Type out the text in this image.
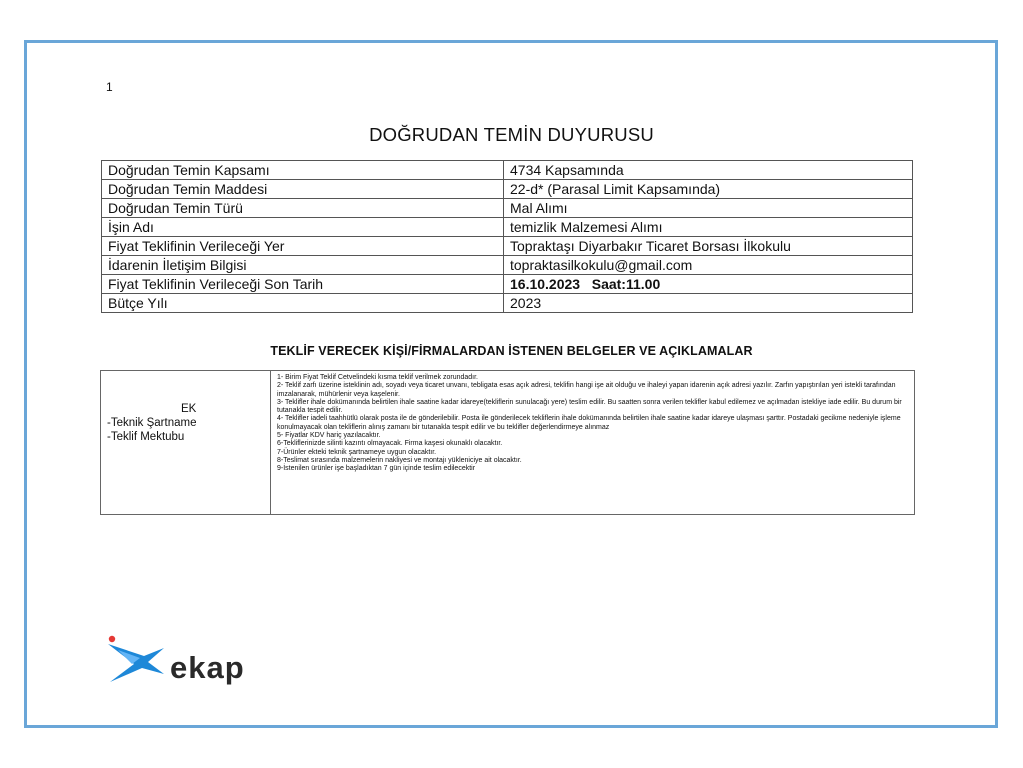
1
DOĞRUDAN TEMİN DUYURUSU
Doğrudan Temin Kapsamı	4734 Kapsamında
Doğrudan Temin Maddesi	22-d* (Parasal Limit Kapsamında)
Doğrudan Temin Türü	Mal Alımı
İşin Adı	temizlik Malzemesi Alımı
Fiyat Teklifinin Verileceği Yer	Topraktaşı Diyarbakır Ticaret Borsası İlkokulu
İdarenin İletişim Bilgisi	topraktasilkokulu@gmail.com
Fiyat Teklifinin Verileceği Son Tarih	16.10.2023   Saat:11.00
Bütçe Yılı	2023
TEKLİF VERECEK KİŞİ/FİRMALARDAN İSTENEN BELGELER VE AÇIKLAMALAR
EK
-Teknik Şartname
-Teklif Mektubu
1- Birim Fiyat Teklif Cetvelindeki kısma teklif verilmek zorundadır.
2- Teklif zarfı üzerine isteklinin adı, soyadı veya ticaret unvanı, tebligata esas açık adresi, teklifin hangi işe ait olduğu ve ihaleyi yapan idarenin açık adresi yazılır. Zarfın yapıştırılan yeri istekli tarafından imzalanarak, mühürlenir veya kaşelenir.
3- Teklifler ihale dokümanında belirtilen ihale saatine kadar idareye(tekliflerin sunulacağı yere) teslim edilir. Bu saatten sonra verilen teklifler kabul edilemez ve açılmadan istekliye iade edilir. Bu durum bir tutanakla tespit edilir.
4- Teklifler iadeli taahhütlü olarak posta ile de gönderilebilir. Posta ile gönderilecek tekliflerin ihale dokümanında belirtilen ihale saatine kadar idareye ulaşması şarttır. Postadaki gecikme nedeniyle işleme konulmayacak olan tekliflerin alınış zamanı bir tutanakla tespit edilir ve bu teklifler değerlendirmeye alınmaz
5- Fiyatlar KDV hariç yazılacaktır.
6-Tekliflerinizde silinti kazıntı olmayacak. Firma kaşesi okunaklı olacaktır.
7-Ürünler ekteki teknik şartnameye uygun olacaktır.
8-Teslimat sırasında malzemelerin nakliyesi ve montajı yükleniciye ait olacaktır.
9-İstenilen ürünler işe başladıktan 7 gün içinde teslim edilecektir
ekap
